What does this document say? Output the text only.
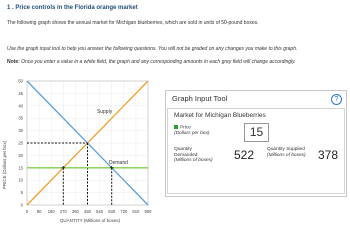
1 . Price controls in the Florida orange market
The following graph shows the annual market for Michigan blueberries, which are sold in units of 50-pound boxes.
Use the graph input tool to help you answer the following questions. You will not be graded on any changes you make to this graph.
Note: Once you enter a value in a white field, the graph and any corresponding amounts in each grey field will change accordingly.
PRICE (Dollars per box)
50
45
40
35
30
25
20
15
10
5
0
0 90 180 270 360 450 540 630 720 810 900
Supply
Demand
QUANTITY (Millions of boxes)
Graph Input Tool	?
Market for Michigan Blueberries
Price
(Dollars per box)	15
Quantity
Demanded
(Millions of boxes) 522	Quantity Supplied
(Millions of boxes) 378
